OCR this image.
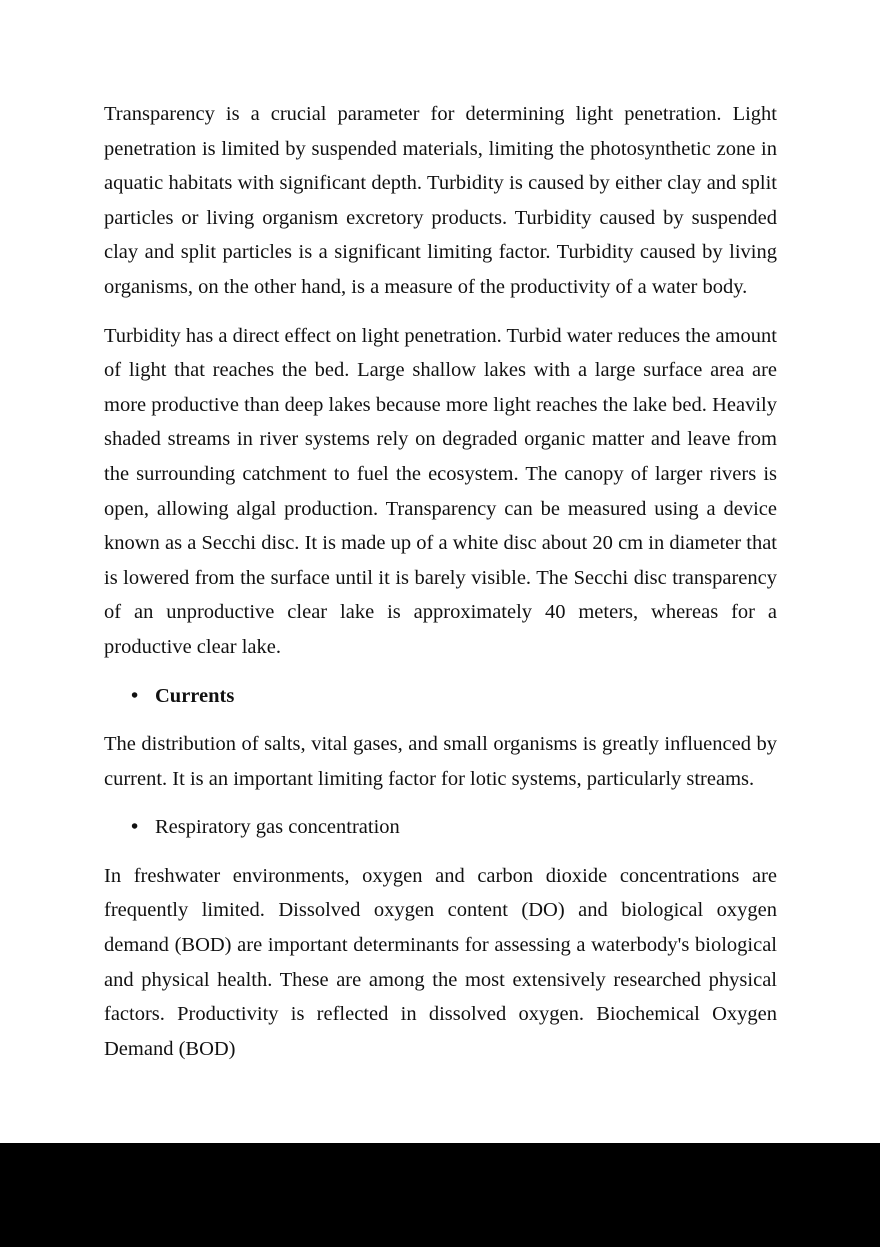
Transparency is a crucial parameter for determining light penetration. Light penetration is limited by suspended materials, limiting the photosynthetic zone in aquatic habitats with significant depth. Turbidity is caused by either clay and split particles or living organism excretory products. Turbidity caused by suspended clay and split particles is a significant limiting factor. Turbidity caused by living organisms, on the other hand, is a measure of the productivity of a water body.

Turbidity has a direct effect on light penetration. Turbid water reduces the amount of light that reaches the bed. Large shallow lakes with a large surface area are more productive than deep lakes because more light reaches the lake bed. Heavily shaded streams in river systems rely on degraded organic matter and leave from the surrounding catchment to fuel the ecosystem. The canopy of larger rivers is open, allowing algal production. Transparency can be measured using a device known as a Secchi disc. It is made up of a white disc about 20 cm in diameter that is lowered from the surface until it is barely visible. The Secchi disc transparency of an unproductive clear lake is approximately 40 meters, whereas for a productive clear lake.

• Currents

The distribution of salts, vital gases, and small organisms is greatly influenced by current. It is an important limiting factor for lotic systems, particularly streams.

• Respiratory gas concentration

In freshwater environments, oxygen and carbon dioxide concentrations are frequently limited. Dissolved oxygen content (DO) and biological oxygen demand (BOD) are important determinants for assessing a waterbody's biological and physical health. These are among the most extensively researched physical factors. Productivity is reflected in dissolved oxygen. Biochemical Oxygen Demand (BOD)
